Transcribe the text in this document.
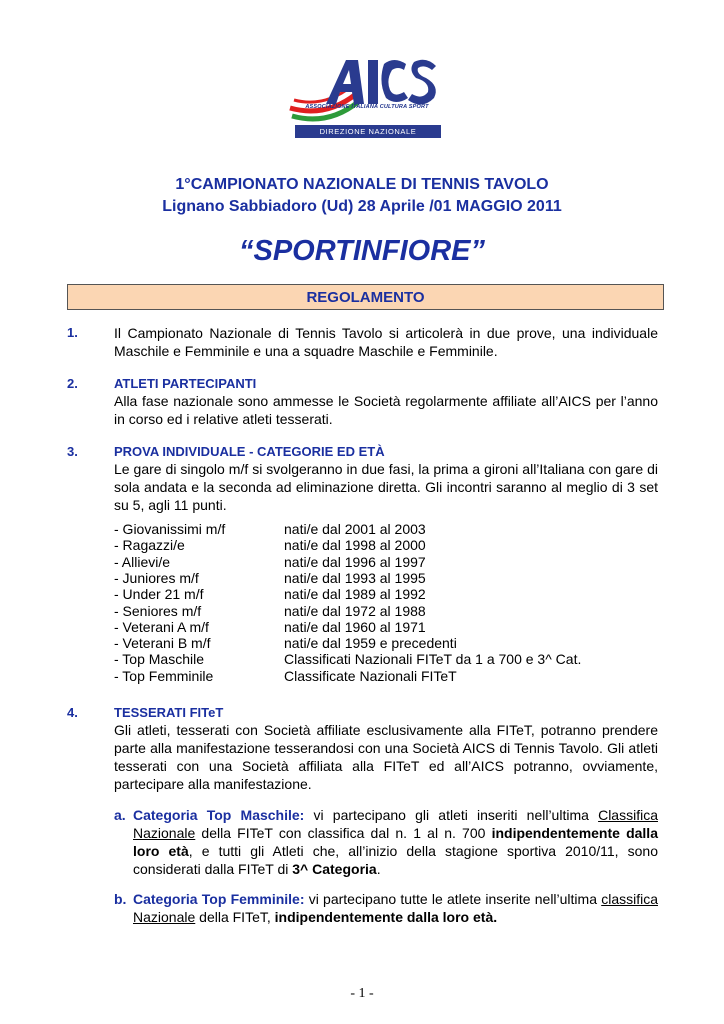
ASSOCIAZIONE ITALIANA CULTURA SPORT
DIREZIONE NAZIONALE
1°CAMPIONATO NAZIONALE DI TENNIS TAVOLO
Lignano Sabbiadoro (Ud) 28 Aprile /01 MAGGIO 2011
“SPORTINFIORE”
REGOLAMENTO
1.	Il Campionato Nazionale di Tennis Tavolo si articolerà in due prove, una individuale Maschile e Femminile e una a squadre Maschile e Femminile.
2.	ATLETI PARTECIPANTI
Alla fase nazionale sono ammesse le Società regolarmente affiliate all’AICS per l’anno in corso ed i relative atleti tesserati.
3.	PROVA INDIVIDUALE - CATEGORIE ED ETÀ
Le gare di singolo m/f si svolgeranno in due fasi, la prima a gironi all’Italiana con gare di sola andata e la seconda ad eliminazione diretta. Gli incontri saranno al meglio di 3 set su 5, agli 11 punti.
- Giovanissimi m/f	nati/e dal 2001 al 2003
- Ragazzi/e	nati/e dal 1998 al 2000
- Allievi/e	nati/e dal 1996 al 1997
- Juniores m/f	nati/e dal 1993 al 1995
- Under 21 m/f	nati/e dal 1989 al 1992
- Seniores m/f	nati/e dal 1972 al 1988
- Veterani A m/f	nati/e dal 1960 al 1971
- Veterani B m/f	nati/e dal 1959 e precedenti
- Top Maschile	Classificati Nazionali FITeT da 1 a 700 e 3^ Cat.
- Top Femminile	Classificate Nazionali FITeT
4.	TESSERATI FITeT
Gli atleti, tesserati con Società affiliate esclusivamente alla FITeT, potranno prendere parte alla manifestazione tesserandosi con una Società AICS di Tennis Tavolo. Gli atleti tesserati con una Società affiliata alla FITeT ed all’AICS potranno, ovviamente, partecipare alla manifestazione.
a. Categoria Top Maschile: vi partecipano gli atleti inseriti nell’ultima Classifica Nazionale della FITeT con classifica dal n. 1 al n. 700 indipendentemente dalla loro età, e tutti gli Atleti che, all’inizio della stagione sportiva 2010/11, sono considerati dalla FITeT di 3^ Categoria.
b. Categoria Top Femminile: vi partecipano tutte le atlete inserite nell’ultima classifica Nazionale della FITeT, indipendentemente dalla loro età.
- 1 -
